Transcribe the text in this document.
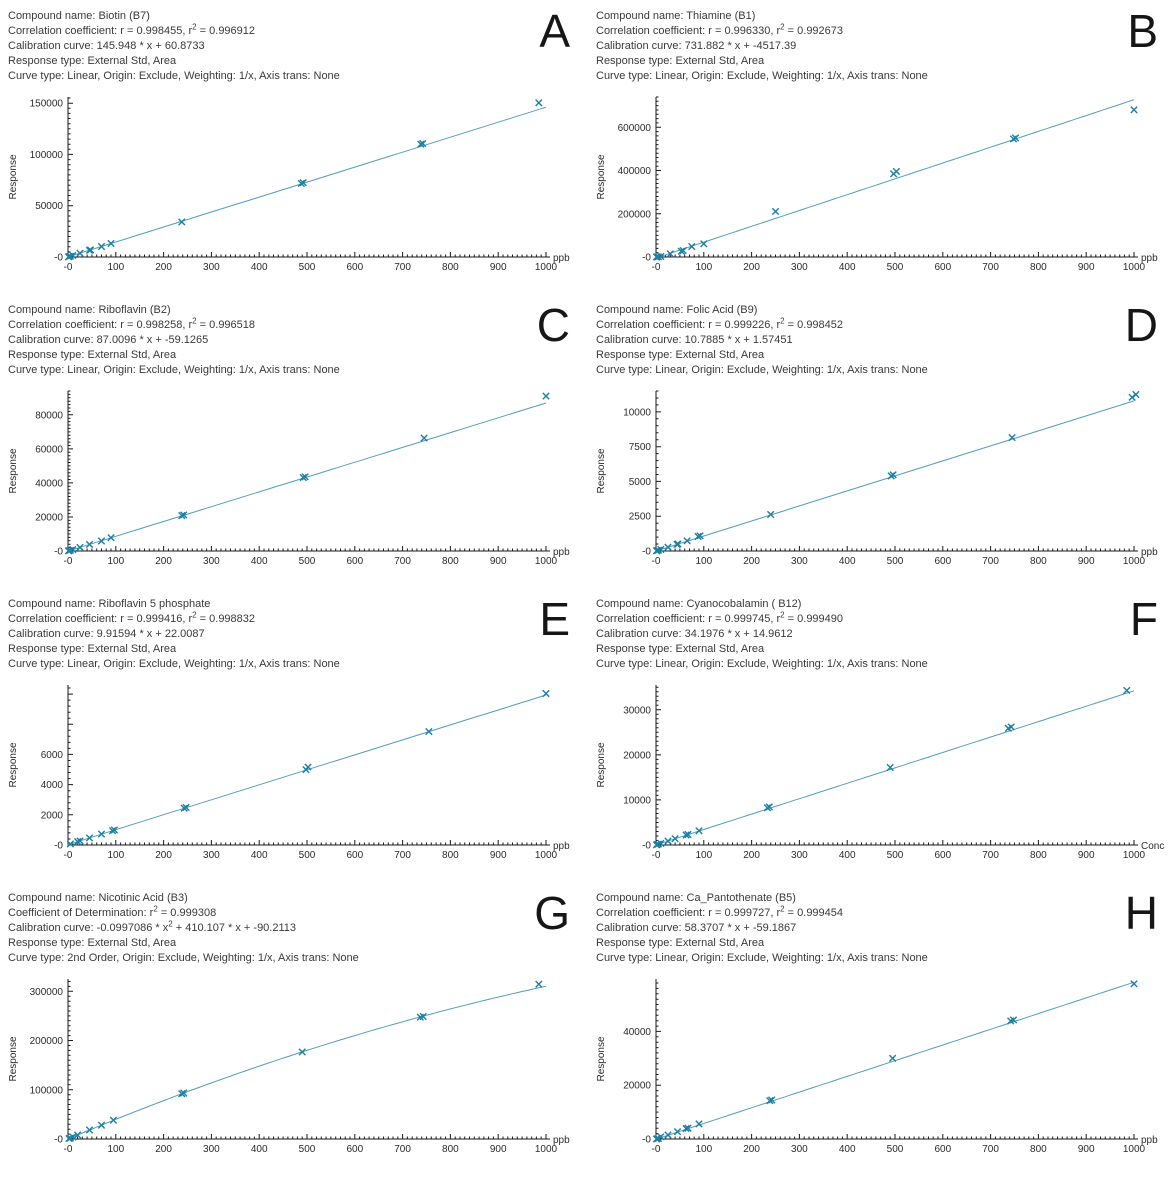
Compound name: Biotin (B7)
Correlation coefficient: r = 0.998455, $r^2 = 0.996912$
Calibration curve: 145.948 * x + 60.8733
Response type: External Std, Area
Curve type: Linear, Origin: Exclude, Weighting: 1/x, Axis trans: None
A
-0	100	200	300	400	500	600	700	800	900	1000
-0
50000
100000
150000
ppb
Response
Compound name: Thiamine (B1)
Correlation coefficient: r = 0.996330, $r^2 = 0.992673$
Calibration curve: 731.882 * x + -4517.39
Response type: External Std, Area
Curve type: Linear, Origin: Exclude, Weighting: 1/x, Axis trans: None
B
-0	100	200	300	400	500	600	700	800	900	1000
-0
200000
400000
600000
ppb
Response
Compound name: Riboflavin (B2)
Correlation coefficient: r = 0.998258, $r^2 = 0.996518$
Calibration curve: 87.0096 * x + -59.1265
Response type: External Std, Area
Curve type: Linear, Origin: Exclude, Weighting: 1/x, Axis trans: None
C
-0	100	200	300	400	500	600	700	800	900	1000
-0
20000
40000
60000
80000
ppb
Response
Compound name: Folic Acid (B9)
Correlation coefficient: r = 0.999226, $r^2 = 0.998452$
Calibration curve: 10.7885 * x + 1.57451
Response type: External Std, Area
Curve type: Linear, Origin: Exclude, Weighting: 1/x, Axis trans: None
D
-0	100	200	300	400	500	600	700	800	900	1000
-0
2500
5000
7500
10000
ppb
Response
Compound name: Riboflavin 5 phosphate
Correlation coefficient: r = 0.999416, $r^2 = 0.998832$
Calibration curve: 9.91594 * x + 22.0087
Response type: External Std, Area
Curve type: Linear, Origin: Exclude, Weighting: 1/x, Axis trans: None
E
-0	100	200	300	400	500	600	700	800	900	1000
-0
2000
4000
6000
ppb
Response
Compound name: Cyanocobalamin ( B12)
Correlation coefficient: r = 0.999745, $r^2 = 0.999490$
Calibration curve: 34.1976 * x + 14.9612
Response type: External Std, Area
Curve type: Linear, Origin: Exclude, Weighting: 1/x, Axis trans: None
F
-0	100	200	300	400	500	600	700	800	900	1000
-0
10000
20000
30000
Conc
Response
Compound name: Nicotinic Acid (B3)
Coefficient of Determination: $r^2 = 0.999308$
Calibration curve: $-0.0997086 * x^2 + 410.107 * x + -90.2113$
Response type: External Std, Area
Curve type: 2nd Order, Origin: Exclude, Weighting: 1/x, Axis trans: None
G
-0	100	200	300	400	500	600	700	800	900	1000
-0
100000
200000
300000
ppb
Response
Compound name: Ca_Pantothenate (B5)
Correlation coefficient: r = 0.999727, $r^2 = 0.999454$
Calibration curve: 58.3707 * x + -59.1867
Response type: External Std, Area
Curve type: Linear, Origin: Exclude, Weighting: 1/x, Axis trans: None
H
-0	100	200	300	400	500	600	700	800	900	1000
-0
20000
40000
ppb
Response
